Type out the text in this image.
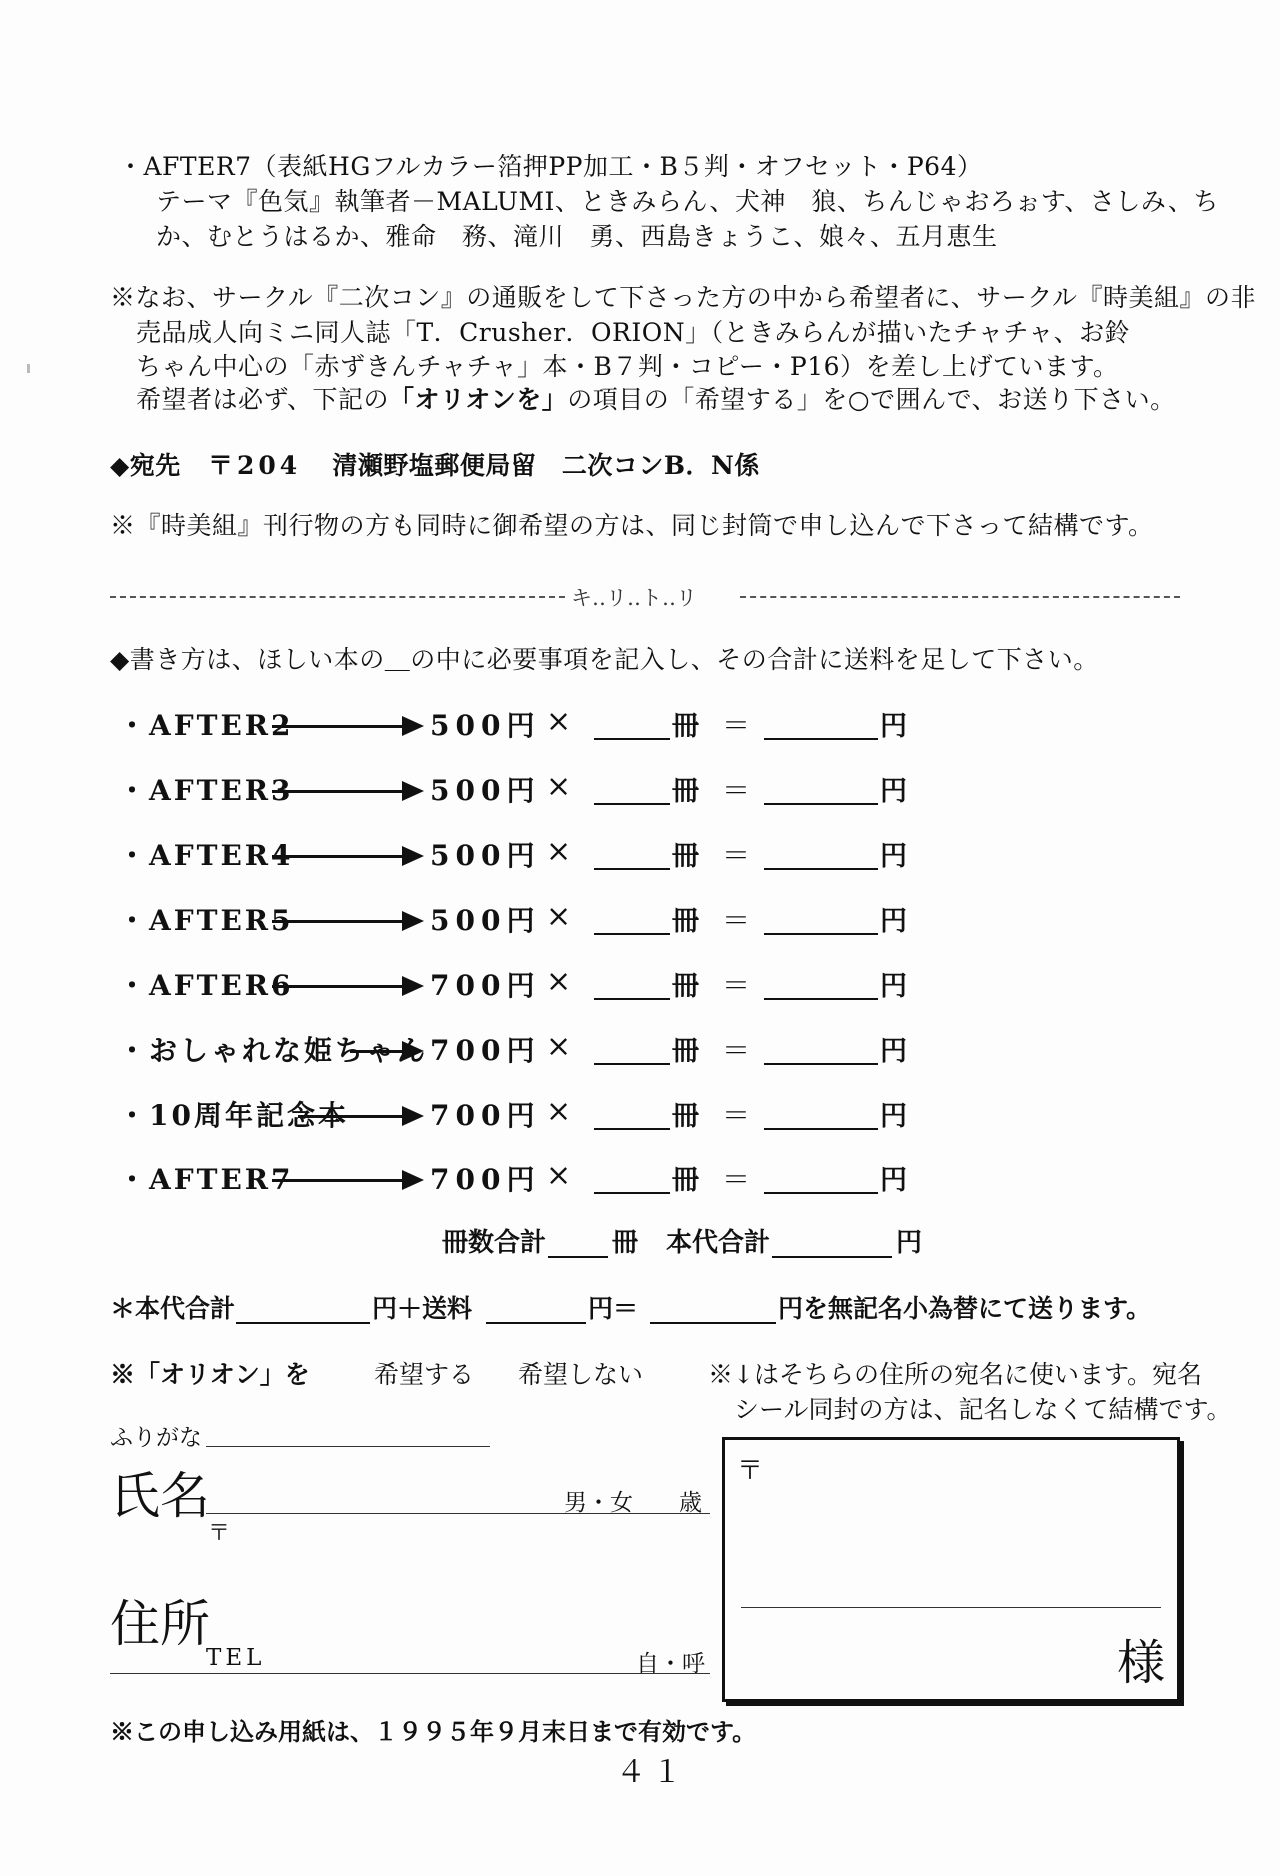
・AFTER7（表紙HGフルカラー箔押PP加工・B５判・オフセット・P64）
テーマ『色気』執筆者－MALUMI、ときみらん、犬神　狼、ちんじゃおろぉす、さしみ、ち
か、むとうはるか、雅命　務、滝川　勇、西島きょうこ、娘々、五月恵生
※なお、サークル『二次コン』の通販をして下さった方の中から希望者に、サークル『時美組』の非
売品成人向ミニ同人誌「T．Crusher．ORION」（ときみらんが描いたチャチャ、お鈴
ちゃん中心の「赤ずきんチャチャ」本・B７判・コピー・P16）を差し上げています。
希望者は必ず、下記の「オリオンを」の項目の「希望する」を○で囲んで、お送り下さい。
◆宛先 〒204 清瀬野塩郵便局留　二次コンB．N係
※『時美組』刊行物の方も同時に御希望の方は、同じ封筒で申し込んで下さって結構です。
キ‥リ‥ト‥リ
◆書き方は、ほしい本の＿の中に必要事項を記入し、その合計に送料を足して下さい。
・AFTER2	500円 ×	冊 ＝	円
・AFTER3	500円 ×	冊 ＝	円
・AFTER4	500円 ×	冊 ＝	円
・AFTER5	500円 ×	冊 ＝	円
・AFTER6	700円 ×	冊 ＝	円
・おしゃれな姫ちゃん 700円 ×	冊 ＝	円
・10周年記念本	700円 ×	冊 ＝	円
・AFTER7	700円 ×	冊 ＝	円
冊数合計	冊 本代合計	円
＊本代合計	円＋送料	円＝	円を無記名小為替にて送ります。
※「オリオン」を	希望する 希望しない	※↓はそちらの住所の宛名に使います。宛名
シール同封の方は、記名しなくて結構です。
ふりがな
氏名	男・女　　歳
〒
住所
TEL	自・呼
〒
様
※この申し込み用紙は、１９９５年９月末日まで有効です。
４１
